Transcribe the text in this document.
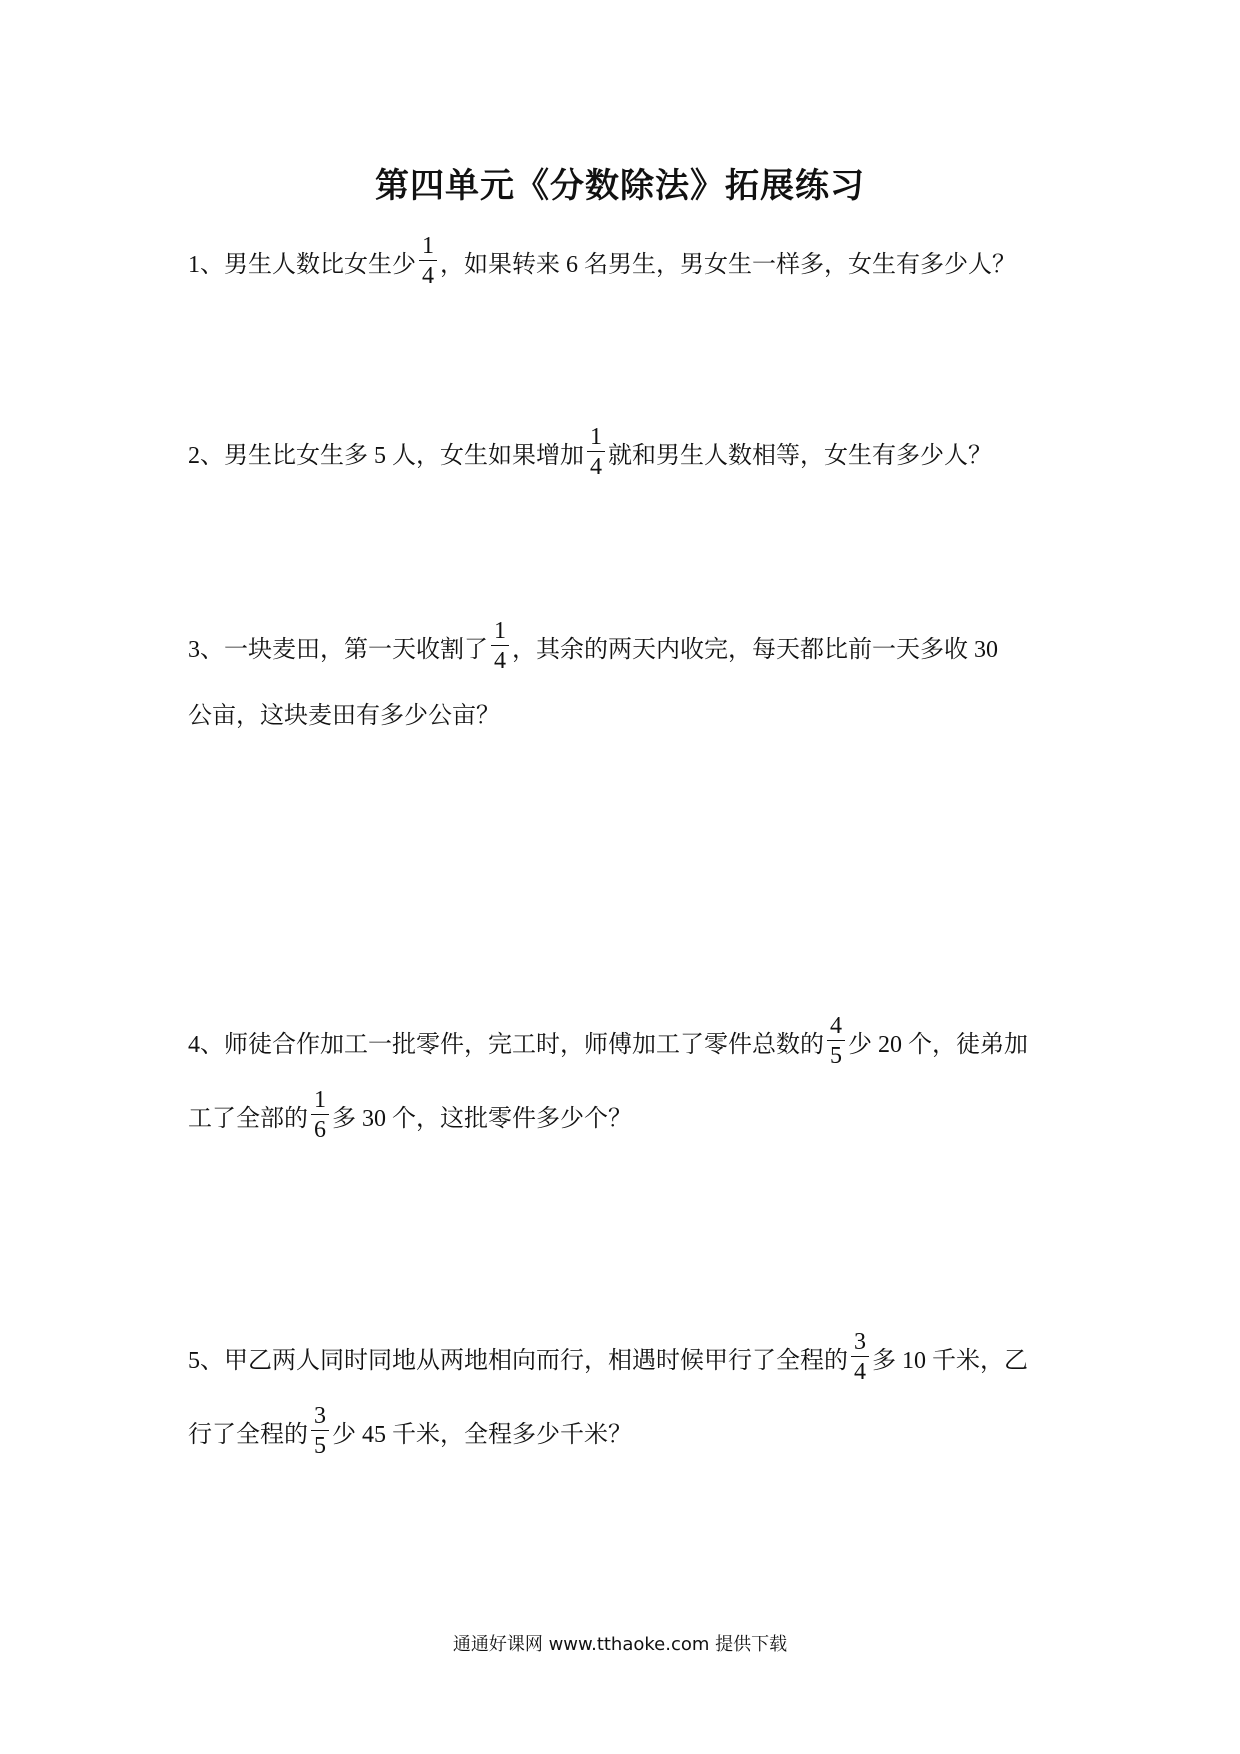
第四单元《分数除法》拓展练习
1、男生人数比女生少 $\frac{1}{4}$ ，如果转来 6 名男生，男女生一样多，女生有多少人？
2、男生比女生多 5 人，女生如果增加 $\frac{1}{4}$ 就和男生人数相等，女生有多少人？
3、一块麦田，第一天收割了 $\frac{1}{4}$ ，其余的两天内收完，每天都比前一天多收 30
公亩，这块麦田有多少公亩？
4、师徒合作加工一批零件，完工时，师傅加工了零件总数的 $\frac{4}{5}$ 少 20 个，徒弟加
工了全部的 $\frac{1}{6}$ 多 30 个，这批零件多少个？
5、甲乙两人同时同地从两地相向而行，相遇时候甲行了全程的 $\frac{3}{4}$ 多 10 千米，乙
行了全程的 $\frac{3}{5}$ 少 45 千米，全程多少千米？
通通好课网 www.tthaoke.com 提供下载
